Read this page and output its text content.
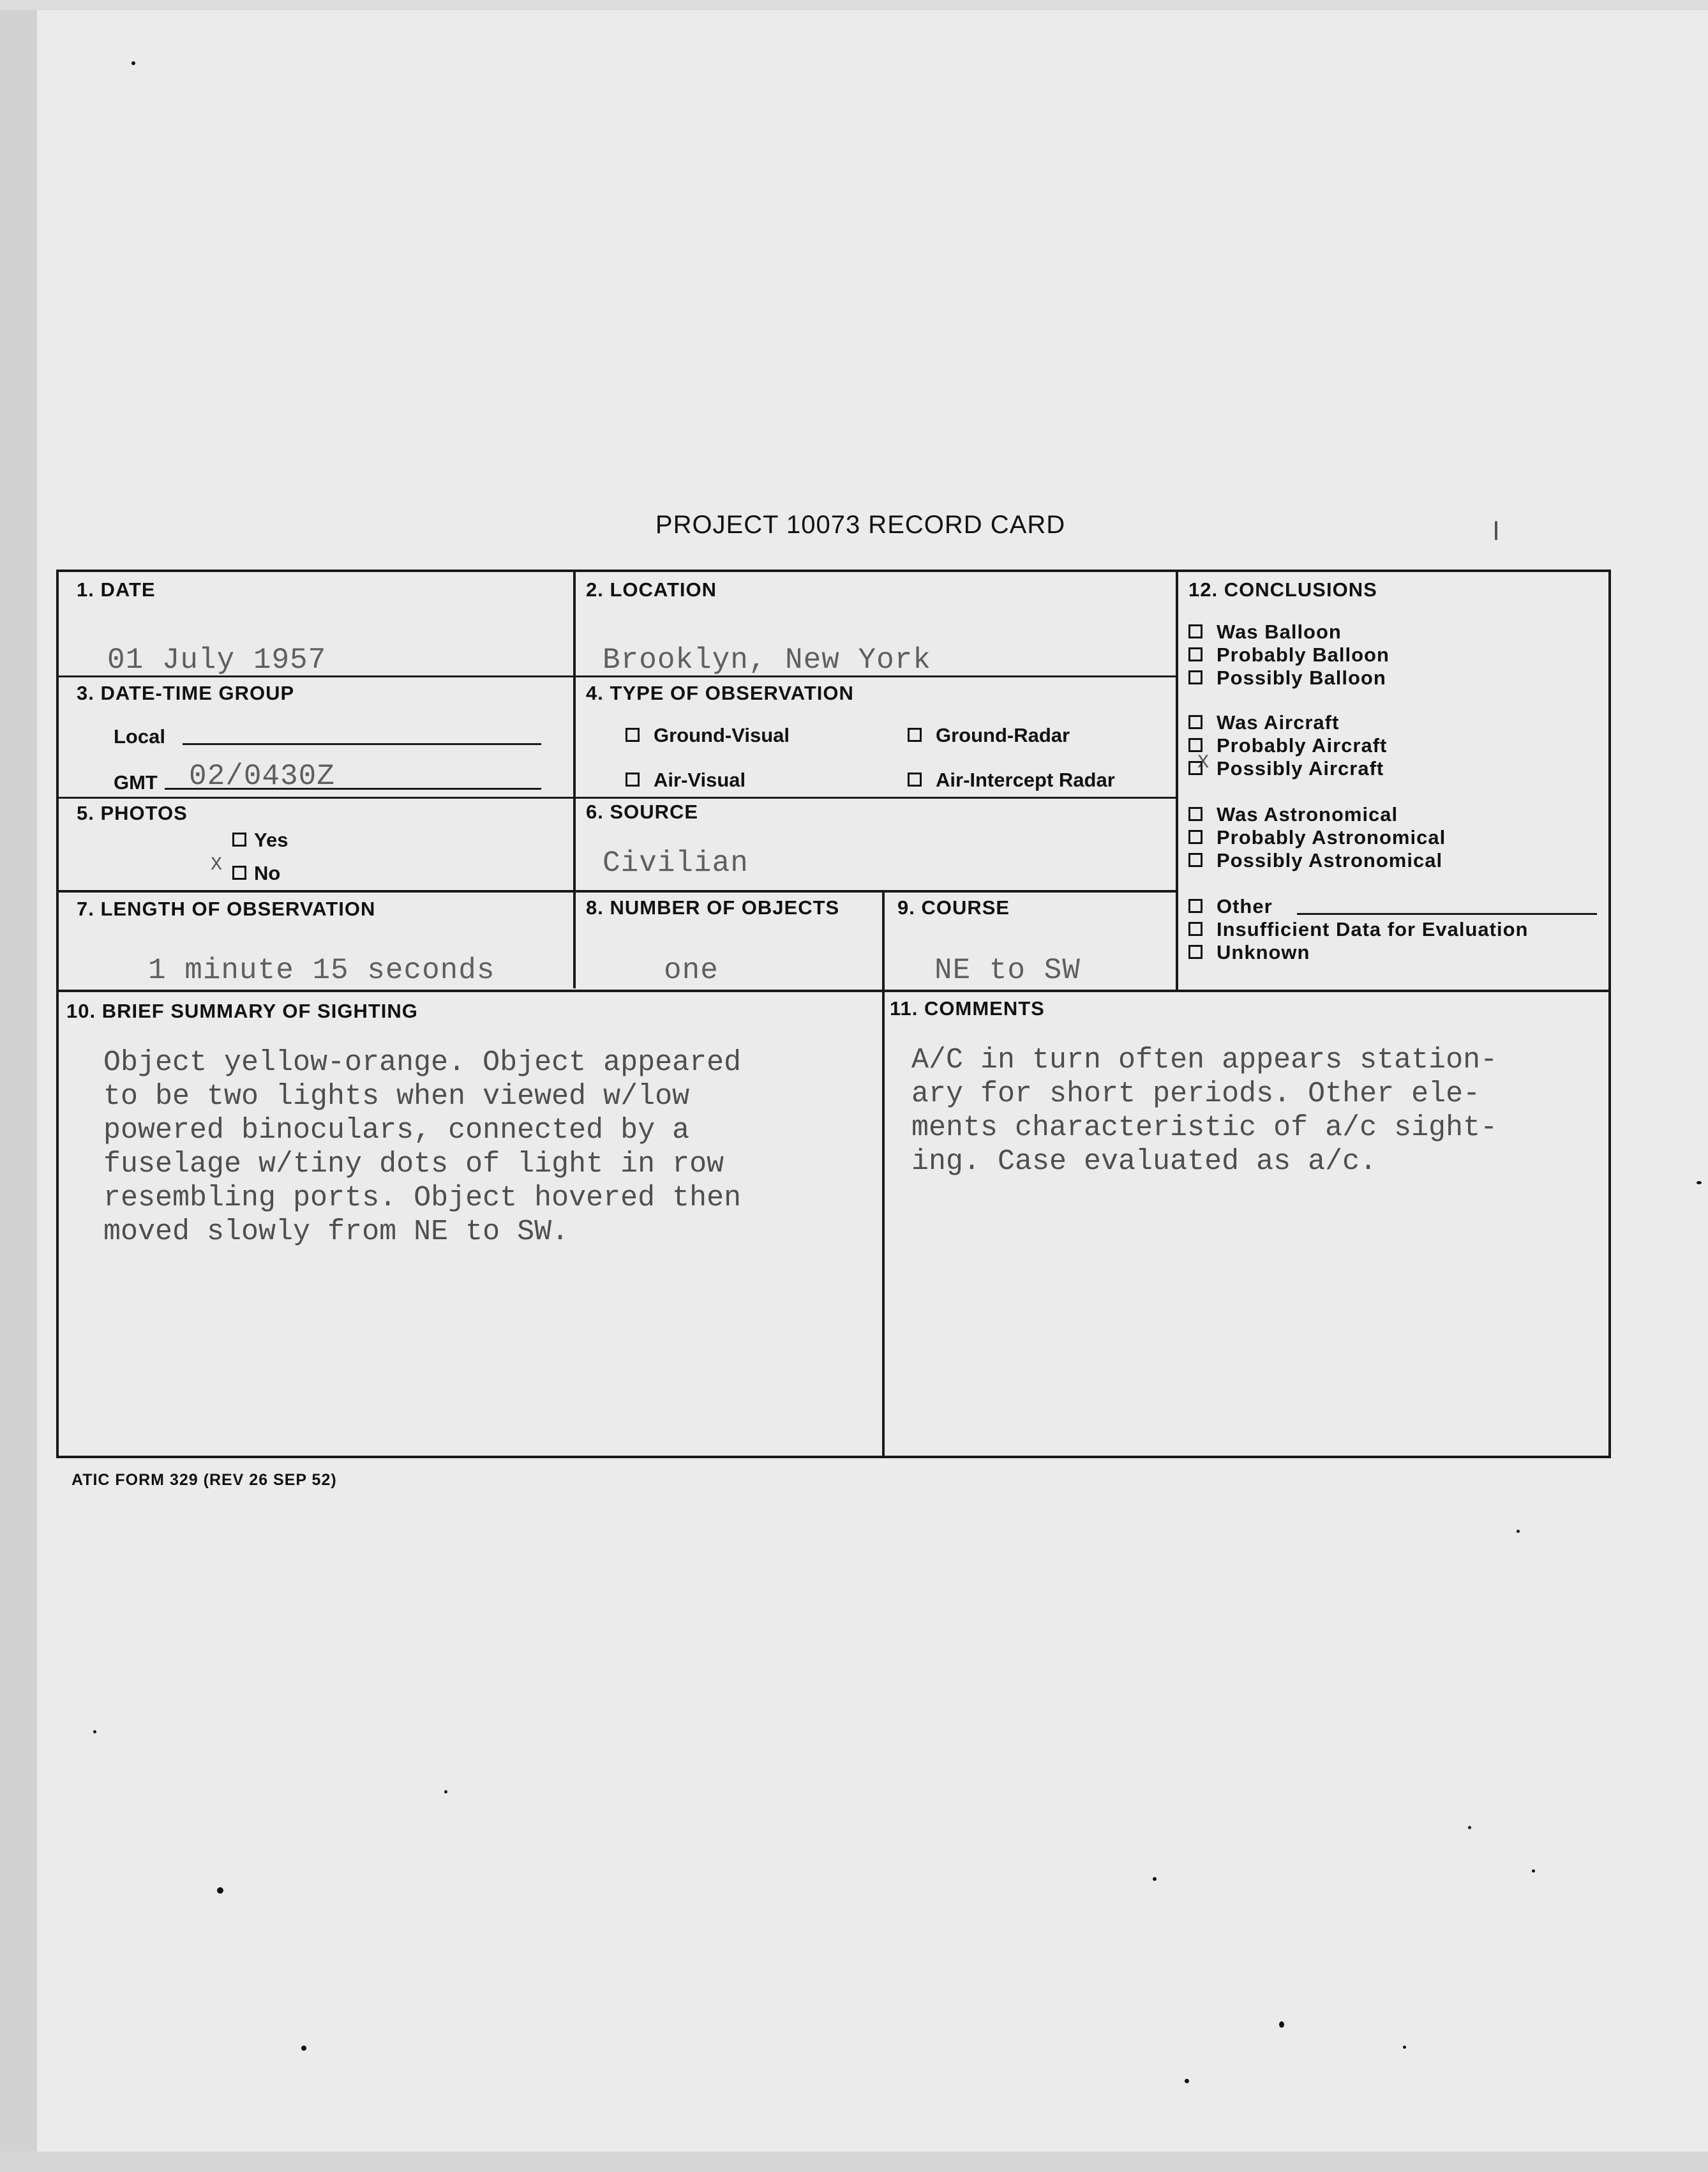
PROJECT 10073 RECORD CARD
1. DATE
01 July 1957
2. LOCATION
Brooklyn, New York
3. DATE-TIME GROUP
Local
GMT 02/0430Z
4. TYPE OF OBSERVATION
Ground-Visual	Ground-Radar
Air-Visual	Air-Intercept Radar
5. PHOTOS
Yes
X	No
6. SOURCE
Civilian
7. LENGTH OF OBSERVATION
1 minute 15 seconds
8. NUMBER OF OBJECTS
one
9. COURSE
NE to SW
10. BRIEF SUMMARY OF SIGHTING
Object yellow-orange. Object appeared
to be two lights when viewed w/low
powered binoculars, connected by a
fuselage w/tiny dots of light in row
resembling ports. Object hovered then
moved slowly from NE to SW.
11. COMMENTS
A/C in turn often appears station-
ary for short periods. Other ele-
ments characteristic of a/c sight-
ing. Case evaluated as a/c.
12. CONCLUSIONS
Was Balloon
Probably Balloon
Possibly Balloon
Was Aircraft
Probably Aircraft
X Possibly Aircraft
Was Astronomical
Probably Astronomical
Possibly Astronomical
Other
Insufficient Data for Evaluation
Unknown
ATIC FORM 329 (REV 26 SEP 52)
